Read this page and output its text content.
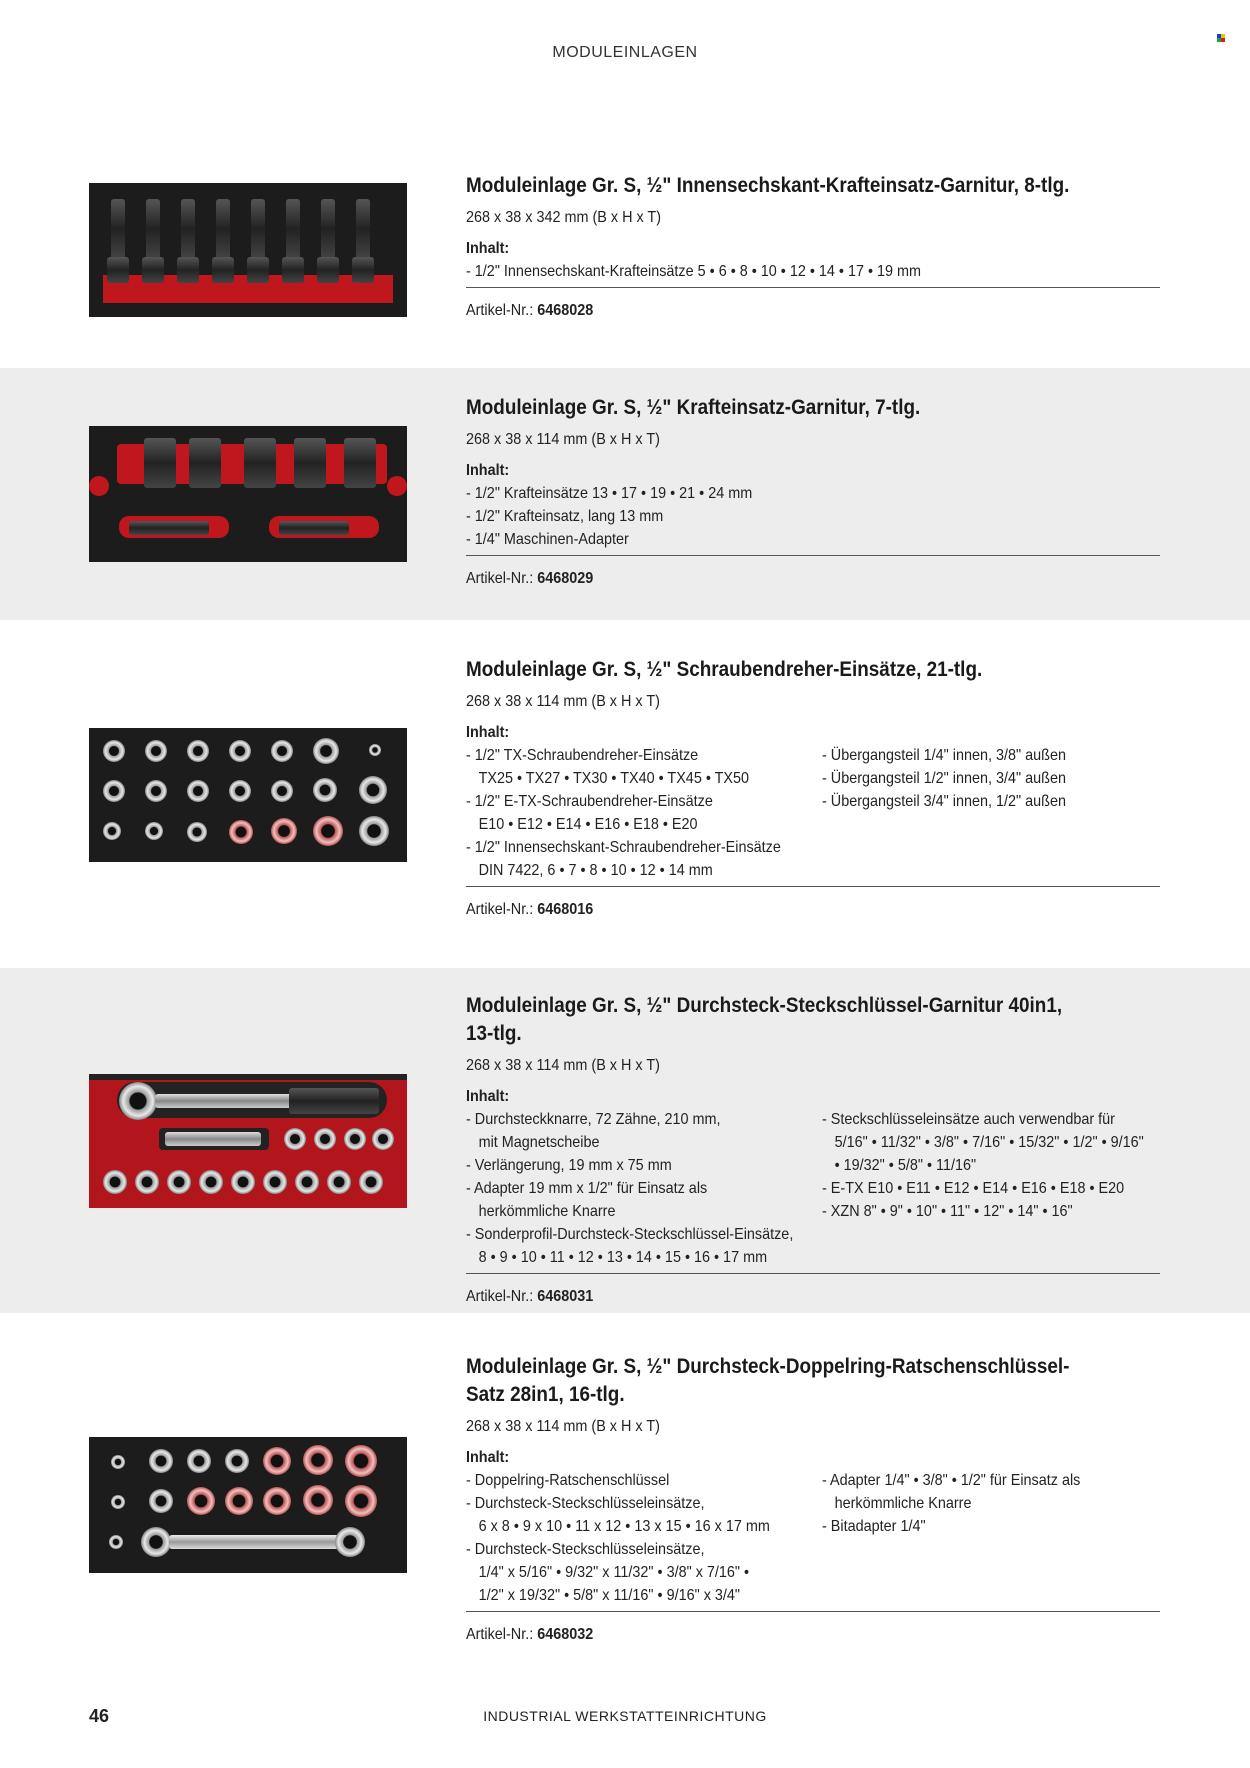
MODULEINLAGEN
Moduleinlage Gr. S, ½" Innensechskant-Krafteinsatz-Garnitur, 8-tlg.
268 x 38 x 342 mm (B x H x T)
Inhalt:
- 1/2" Innensechskant-Krafteinsätze 5 • 6 • 8 • 10 • 12 • 14 • 17 • 19 mm
Artikel-Nr.: 6468028
Moduleinlage Gr. S, ½" Krafteinsatz-Garnitur, 7-tlg.
268 x 38 x 114 mm (B x H x T)
Inhalt:
- 1/2" Krafteinsätze 13 • 17 • 19 • 21 • 24 mm
- 1/2" Krafteinsatz, lang 13 mm
- 1/4" Maschinen-Adapter
Artikel-Nr.: 6468029
Moduleinlage Gr. S, ½" Schraubendreher-Einsätze, 21-tlg.
268 x 38 x 114 mm (B x H x T)
Inhalt:
- 1/2" TX-Schraubendreher-Einsätze
TX25 • TX27 • TX30 • TX40 • TX45 • TX50
- 1/2" E-TX-Schraubendreher-Einsätze
E10 • E12 • E14 • E16 • E18 • E20
- 1/2" Innensechskant-Schraubendreher-Einsätze
DIN 7422, 6 • 7 • 8 • 10 • 12 • 14 mm
- Übergangsteil 1/4" innen, 3/8" außen
- Übergangsteil 1/2" innen, 3/4" außen
- Übergangsteil 3/4" innen, 1/2" außen
Artikel-Nr.: 6468016
Moduleinlage Gr. S, ½" Durchsteck-Steckschlüssel-Garnitur 40in1, 13-tlg.
268 x 38 x 114 mm (B x H x T)
Inhalt:
- Durchsteckknarre, 72 Zähne, 210 mm,
mit Magnetscheibe
- Verlängerung, 19 mm x 75 mm
- Adapter 19 mm x 1/2" für Einsatz als
herkömmliche Knarre
- Sonderprofil-Durchsteck-Steckschlüssel-Einsätze,
8 • 9 • 10 • 11 • 12 • 13 • 14 • 15 • 16 • 17 mm
- Steckschlüsseleinsätze auch verwendbar für
5/16" • 11/32" • 3/8" • 7/16" • 15/32" • 1/2" • 9/16"
• 19/32" • 5/8" • 11/16"
- E-TX E10 • E11 • E12 • E14 • E16 • E18 • E20
- XZN 8" • 9" • 10" • 11" • 12" • 14" • 16"
Artikel-Nr.: 6468031
Moduleinlage Gr. S, ½" Durchsteck-Doppelring-Ratschenschlüssel-Satz 28in1, 16-tlg.
268 x 38 x 114 mm (B x H x T)
Inhalt:
- Doppelring-Ratschenschlüssel
- Durchsteck-Steckschlüsseleinsätze,
6 x 8 • 9 x 10 • 11 x 12 • 13 x 15 • 16 x 17 mm
- Durchsteck-Steckschlüsseleinsätze,
1/4" x 5/16" • 9/32" x 11/32" • 3/8" x 7/16" •
1/2" x 19/32" • 5/8" x 11/16" • 9/16" x 3/4"
- Adapter 1/4" • 3/8" • 1/2" für Einsatz als
herkömmliche Knarre
- Bitadapter 1/4"
Artikel-Nr.: 6468032
46	INDUSTRIAL WERKSTATTEINRICHTUNG
